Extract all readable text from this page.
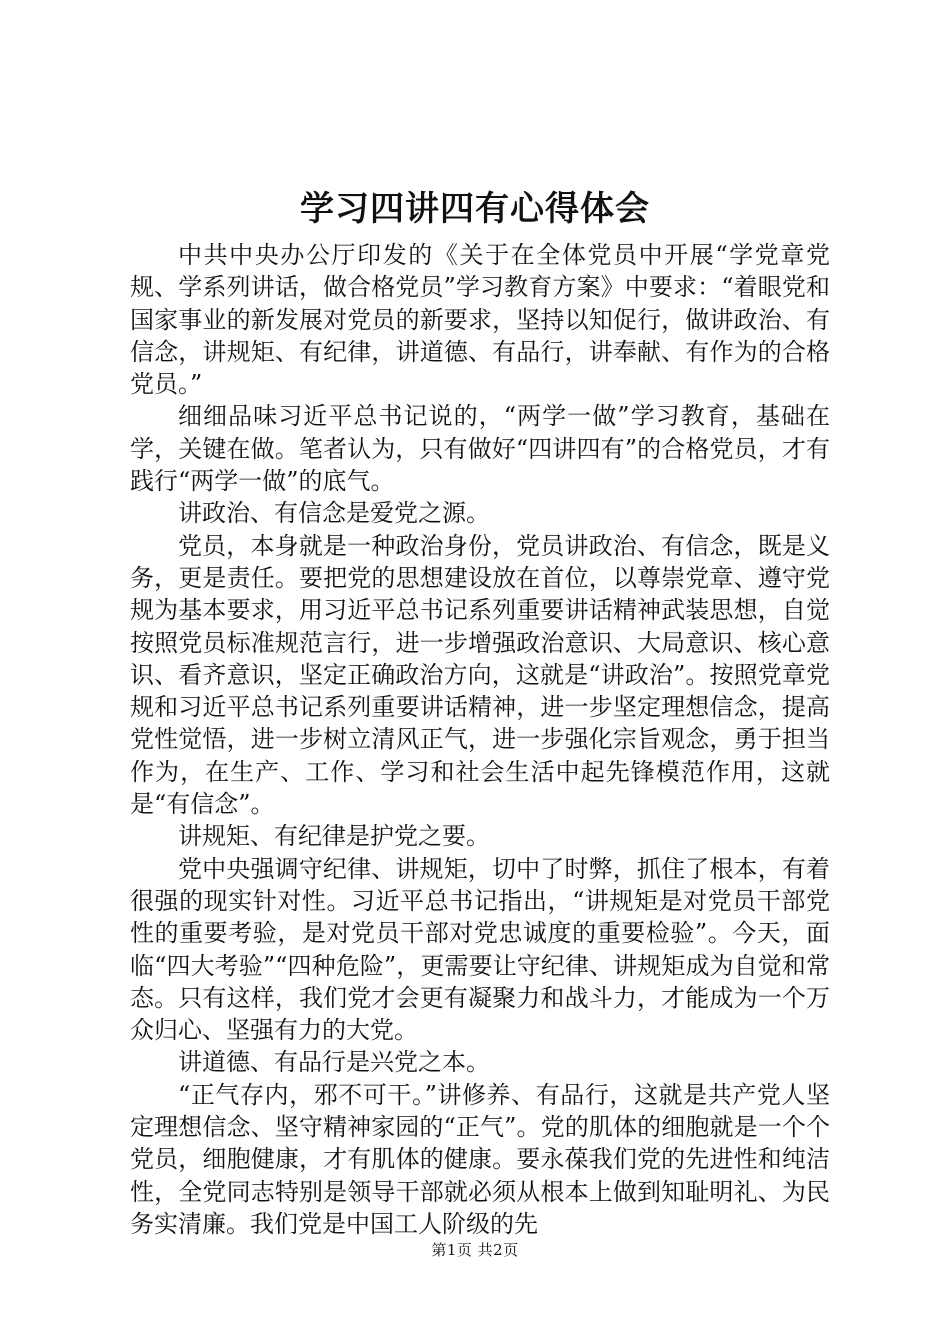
学习四讲四有心得体会

中共中央办公厅印发的《关于在全体党员中开展“学党章党规、学系列讲话，做合格党员”学习教育方案》中要求：“着眼党和国家事业的新发展对党员的新要求，坚持以知促行，做讲政治、有信念，讲规矩、有纪律，讲道德、有品行，讲奉献、有作为的合格党员。”

细细品味习近平总书记说的，“两学一做”学习教育，基础在学，关键在做。笔者认为，只有做好“四讲四有”的合格党员，才有践行“两学一做”的底气。

讲政治、有信念是爱党之源。

党员，本身就是一种政治身份，党员讲政治、有信念，既是义务，更是责任。要把党的思想建设放在首位，以尊崇党章、遵守党规为基本要求，用习近平总书记系列重要讲话精神武装思想，自觉按照党员标准规范言行，进一步增强政治意识、大局意识、核心意识、看齐意识，坚定正确政治方向，这就是“讲政治”。按照党章党规和习近平总书记系列重要讲话精神，进一步坚定理想信念，提高党性觉悟，进一步树立清风正气，进一步强化宗旨观念，勇于担当作为，在生产、工作、学习和社会生活中起先锋模范作用，这就是“有信念”。

讲规矩、有纪律是护党之要。

党中央强调守纪律、讲规矩，切中了时弊，抓住了根本，有着很强的现实针对性。习近平总书记指出，“讲规矩是对党员干部党性的重要考验，是对党员干部对党忠诚度的重要检验”。今天，面临“四大考验”“四种危险”，更需要让守纪律、讲规矩成为自觉和常态。只有这样，我们党才会更有凝聚力和战斗力，才能成为一个万众归心、坚强有力的大党。

讲道德、有品行是兴党之本。

“正气存内，邪不可干。”讲修养、有品行，这就是共产党人坚定理想信念、坚守精神家园的“正气”。党的肌体的细胞就是一个个党员，细胞健康，才有肌体的健康。要永葆我们党的先进性和纯洁性，全党同志特别是领导干部就必须从根本上做到知耻明礼、为民务实清廉。我们党是中国工人阶级的先

第1页 共2页
